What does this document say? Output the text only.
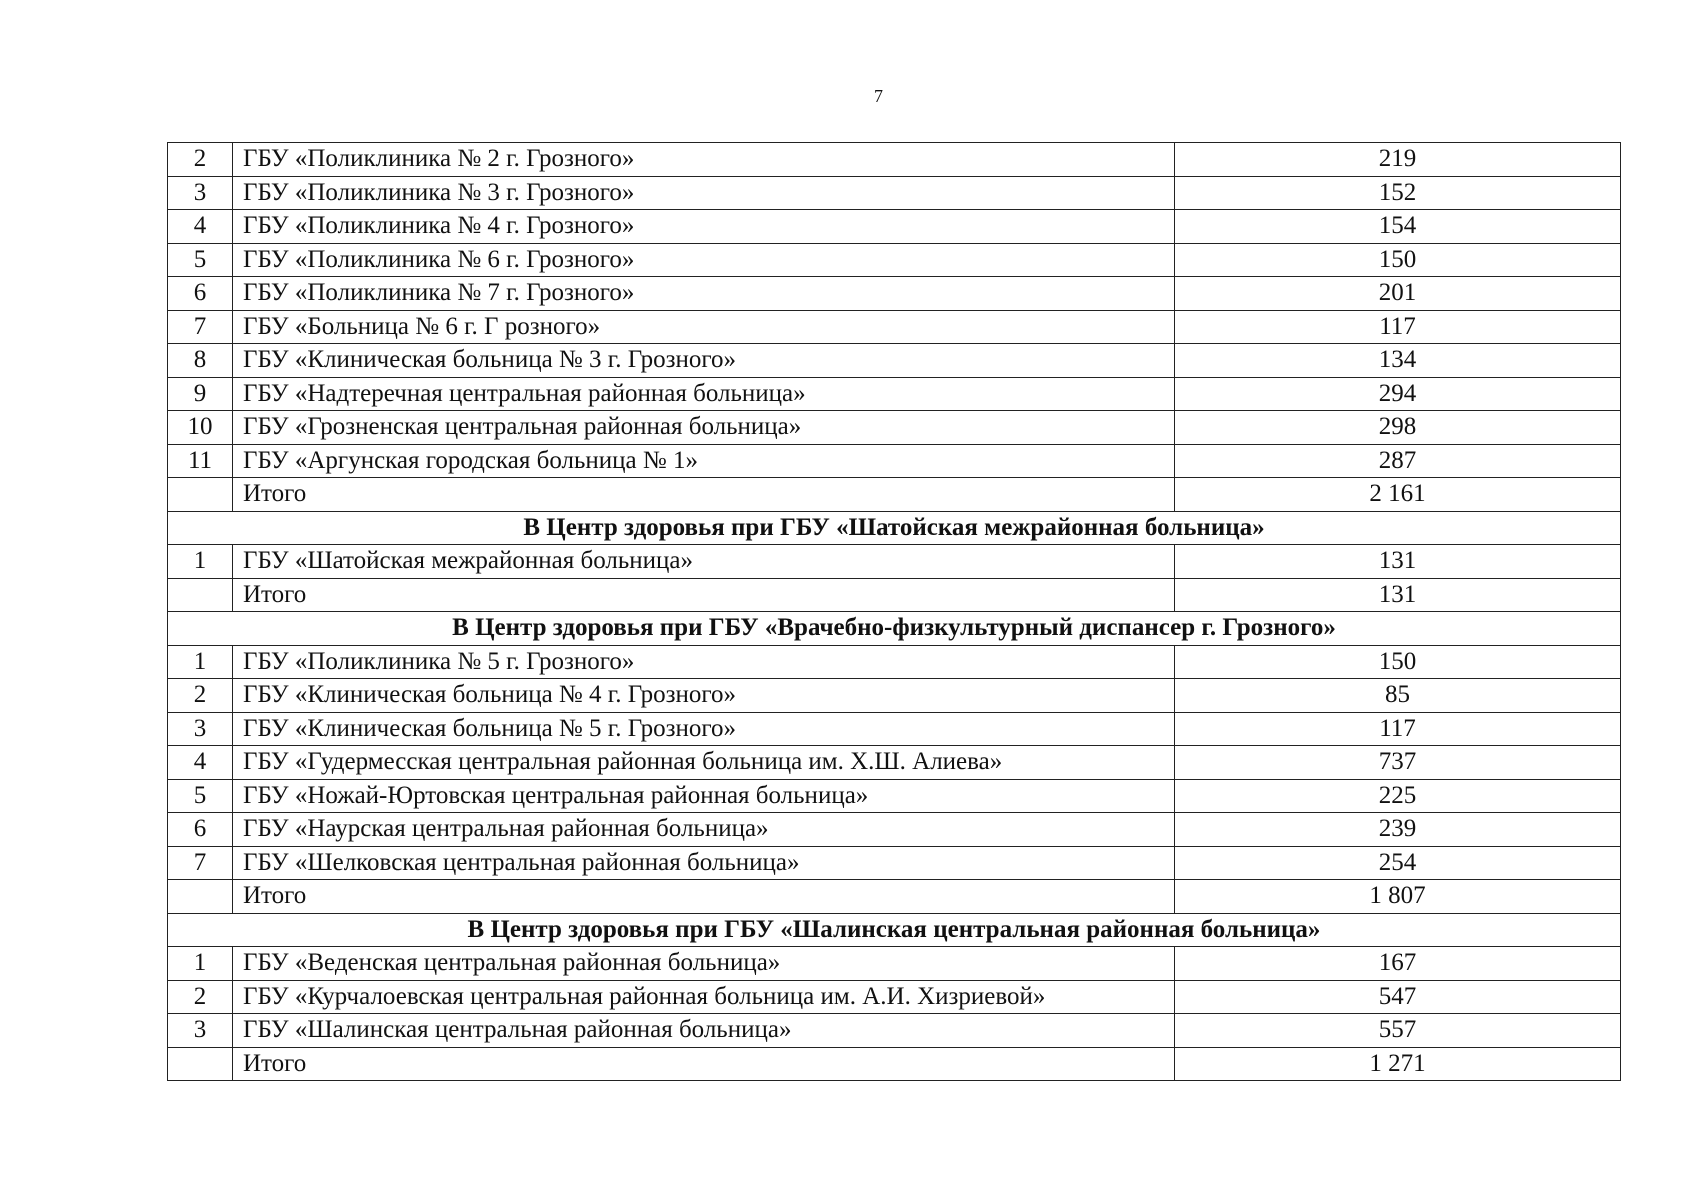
7
2	ГБУ «Поликлиника № 2 г. Грозного»	219
3	ГБУ «Поликлиника № 3 г. Грозного»	152
4	ГБУ «Поликлиника № 4 г. Грозного»	154
5	ГБУ «Поликлиника № 6 г. Грозного»	150
6	ГБУ «Поликлиника № 7 г. Грозного»	201
7	ГБУ «Больница № 6 г. Г розного»	117
8	ГБУ «Клиническая больница № 3 г. Грозного»	134
9	ГБУ «Надтеречная центральная районная больница»	294
10	ГБУ «Грозненская центральная районная больница»	298
11	ГБУ «Аргунская городская больница № 1»	287
	Итого	2 161
В Центр здоровья при ГБУ «Шатойская межрайонная больница»		
1	ГБУ «Шатойская межрайонная больница»	131
	Итого	131
В Центр здоровья при ГБУ «Врачебно-физкультурный диспансер г. Грозного»		
1	ГБУ «Поликлиника № 5 г. Грозного»	150
2	ГБУ «Клиническая больница № 4 г. Грозного»	85
3	ГБУ «Клиническая больница № 5 г. Грозного»	117
4	ГБУ «Гудермесская центральная районная больница им. Х.Ш. Алиева»	737
5	ГБУ «Ножай-Юртовская центральная районная больница»	225
6	ГБУ «Наурская центральная районная больница»	239
7	ГБУ «Шелковская центральная районная больница»	254
	Итого	1 807
В Центр здоровья при ГБУ «Шалинская центральная районная больница»		
1	ГБУ «Веденская центральная районная больница»	167
2	ГБУ «Курчалоевская центральная районная больница им. А.И. Хизриевой»	547
3	ГБУ «Шалинская центральная районная больница»	557
	Итого	1 271
